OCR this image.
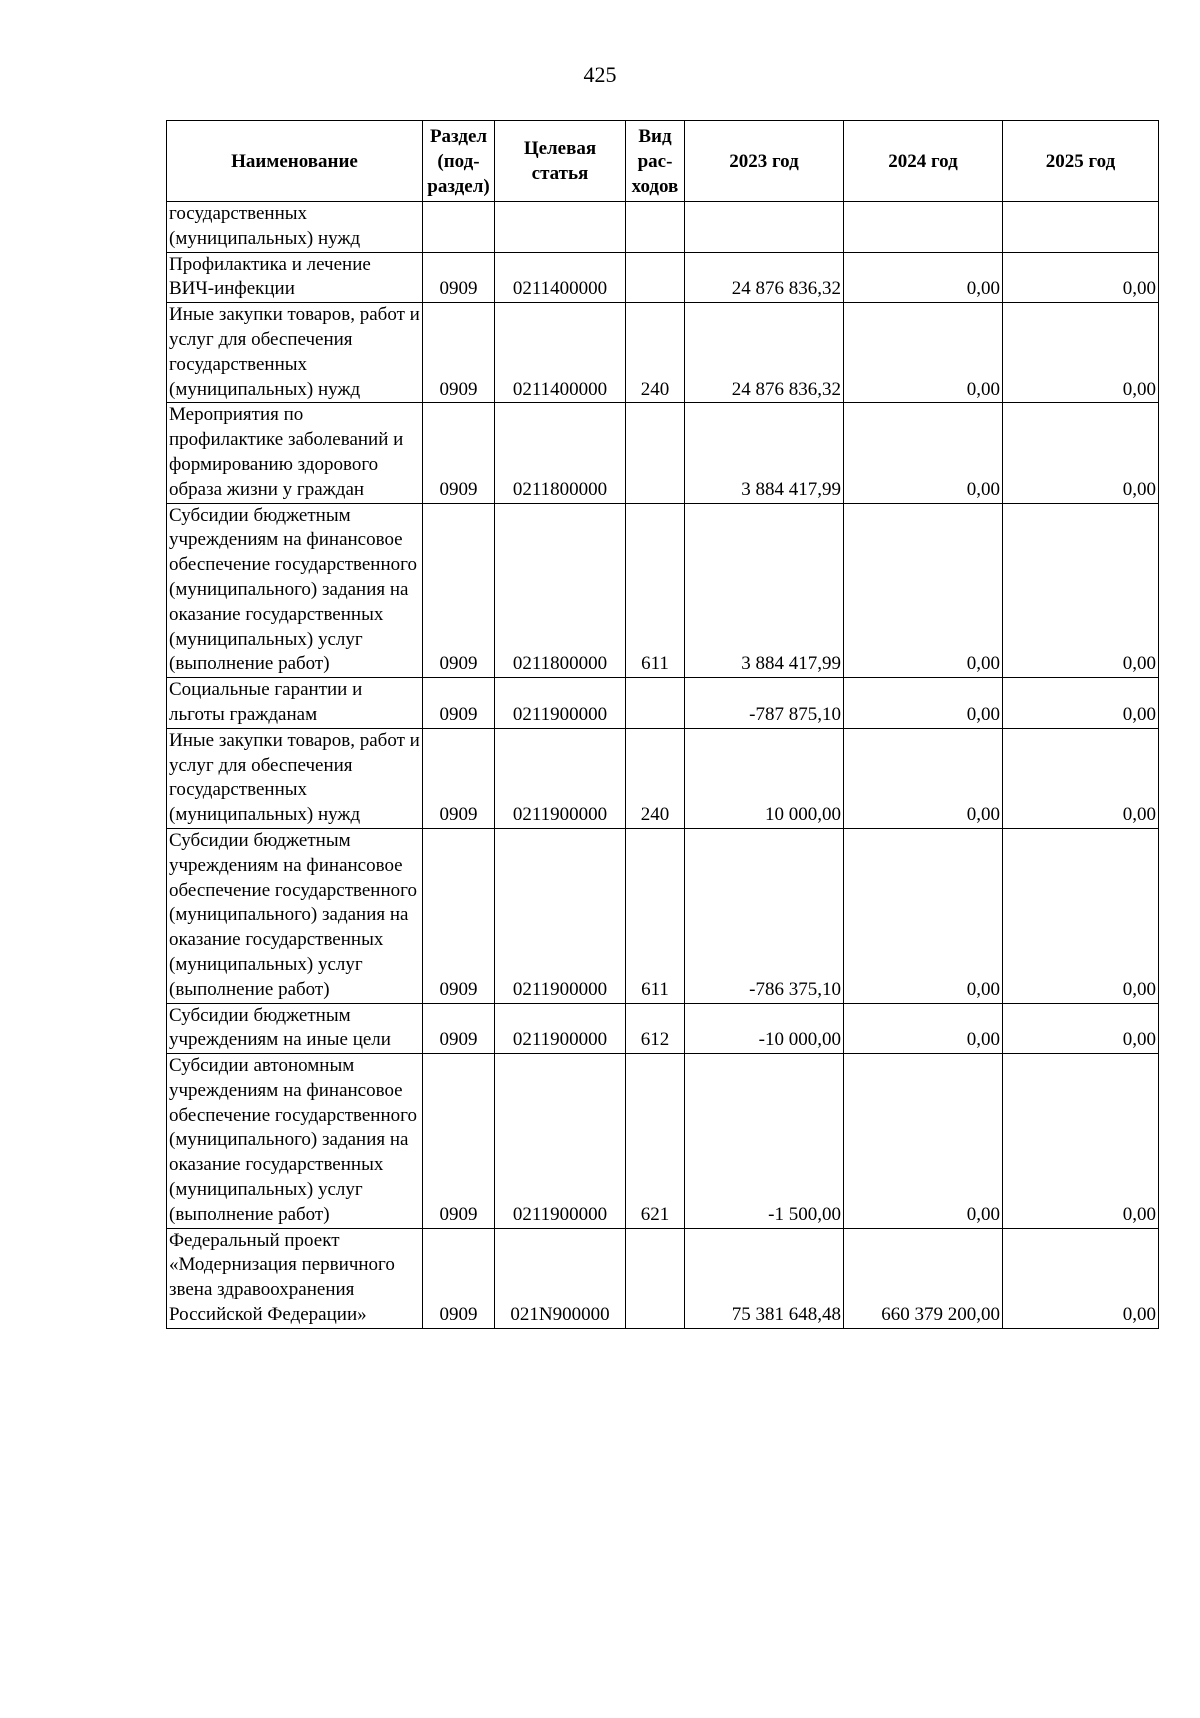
425
Наименование	Раздел (под-раздел)	Целевая статья	Вид рас-ходов	2023 год	2024 год	2025 год
государственных (муниципальных) нужд						
Профилактика и лечение ВИЧ-инфекции	0909	0211400000		24 876 836,32	0,00	0,00
Иные закупки товаров, работ и услуг для обеспечения государственных (муниципальных) нужд	0909	0211400000	240	24 876 836,32	0,00	0,00
Мероприятия по профилактике заболеваний и формированию здорового образа жизни у граждан	0909	0211800000		3 884 417,99	0,00	0,00
Субсидии бюджетным учреждениям на финансовое обеспечение государственного (муниципального) задания на оказание государственных (муниципальных) услуг (выполнение работ)	0909	0211800000	611	3 884 417,99	0,00	0,00
Социальные гарантии и льготы гражданам	0909	0211900000		-787 875,10	0,00	0,00
Иные закупки товаров, работ и услуг для обеспечения государственных (муниципальных) нужд	0909	0211900000	240	10 000,00	0,00	0,00
Субсидии бюджетным учреждениям на финансовое обеспечение государственного (муниципального) задания на оказание государственных (муниципальных) услуг (выполнение работ)	0909	0211900000	611	-786 375,10	0,00	0,00
Субсидии бюджетным учреждениям на иные цели	0909	0211900000	612	-10 000,00	0,00	0,00
Субсидии автономным учреждениям на финансовое обеспечение государственного (муниципального) задания на оказание государственных (муниципальных) услуг (выполнение работ)	0909	0211900000	621	-1 500,00	0,00	0,00
Федеральный проект «Модернизация первичного звена здравоохранения Российской Федерации»	0909	021N900000		75 381 648,48	660 379 200,00	0,00
